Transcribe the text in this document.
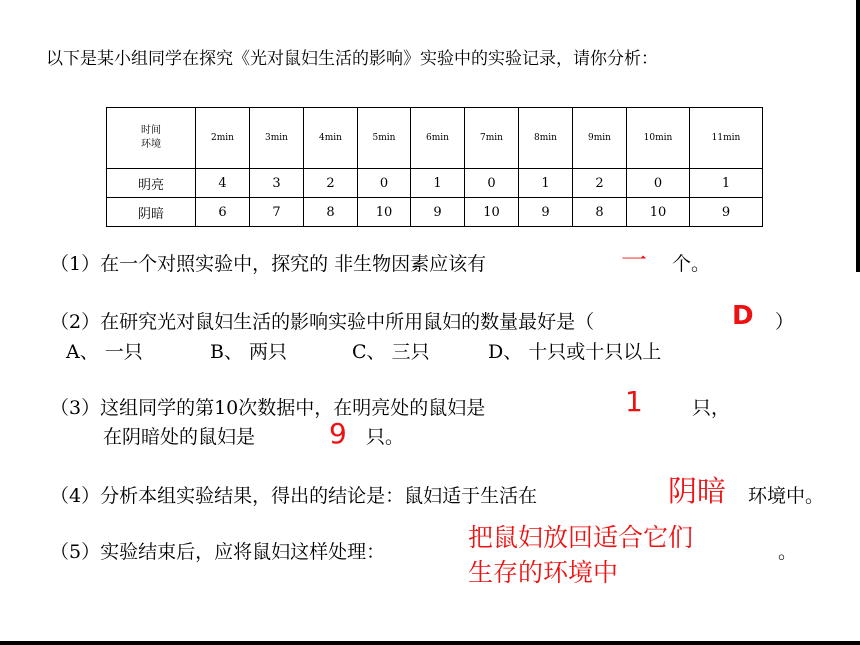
以下是某小组同学在探究《光对鼠妇生活的影响》实验中的实验记录，请你分析：
时间
环境	2min	3min	4min	5min	6min	7min	8min	9min	10min	11min
明亮	4	3	2	0	1	0	1	2	0	1
阴暗	6	7	8	10	9	10	9	8	10	9
（1）在一个对照实验中，探究的 非生物因素应该有	一 个。
（2）在研究光对鼠妇生活的影响实验中所用鼠妇的数量最好是（	D ）
A、 一只	B、 两只	C、 三只	D、 十只或十只以上
（3）这组同学的第10次数据中，在明亮处的鼠妇是	1	只，
在阴暗处的鼠妇是	9 只。
（4）分析本组实验结果，得出的结论是：鼠妇适于生活在	阴暗 环境中。
（5）实验结束后，应将鼠妇这样处理：	把鼠妇放回适合它们
生存的环境中
。
